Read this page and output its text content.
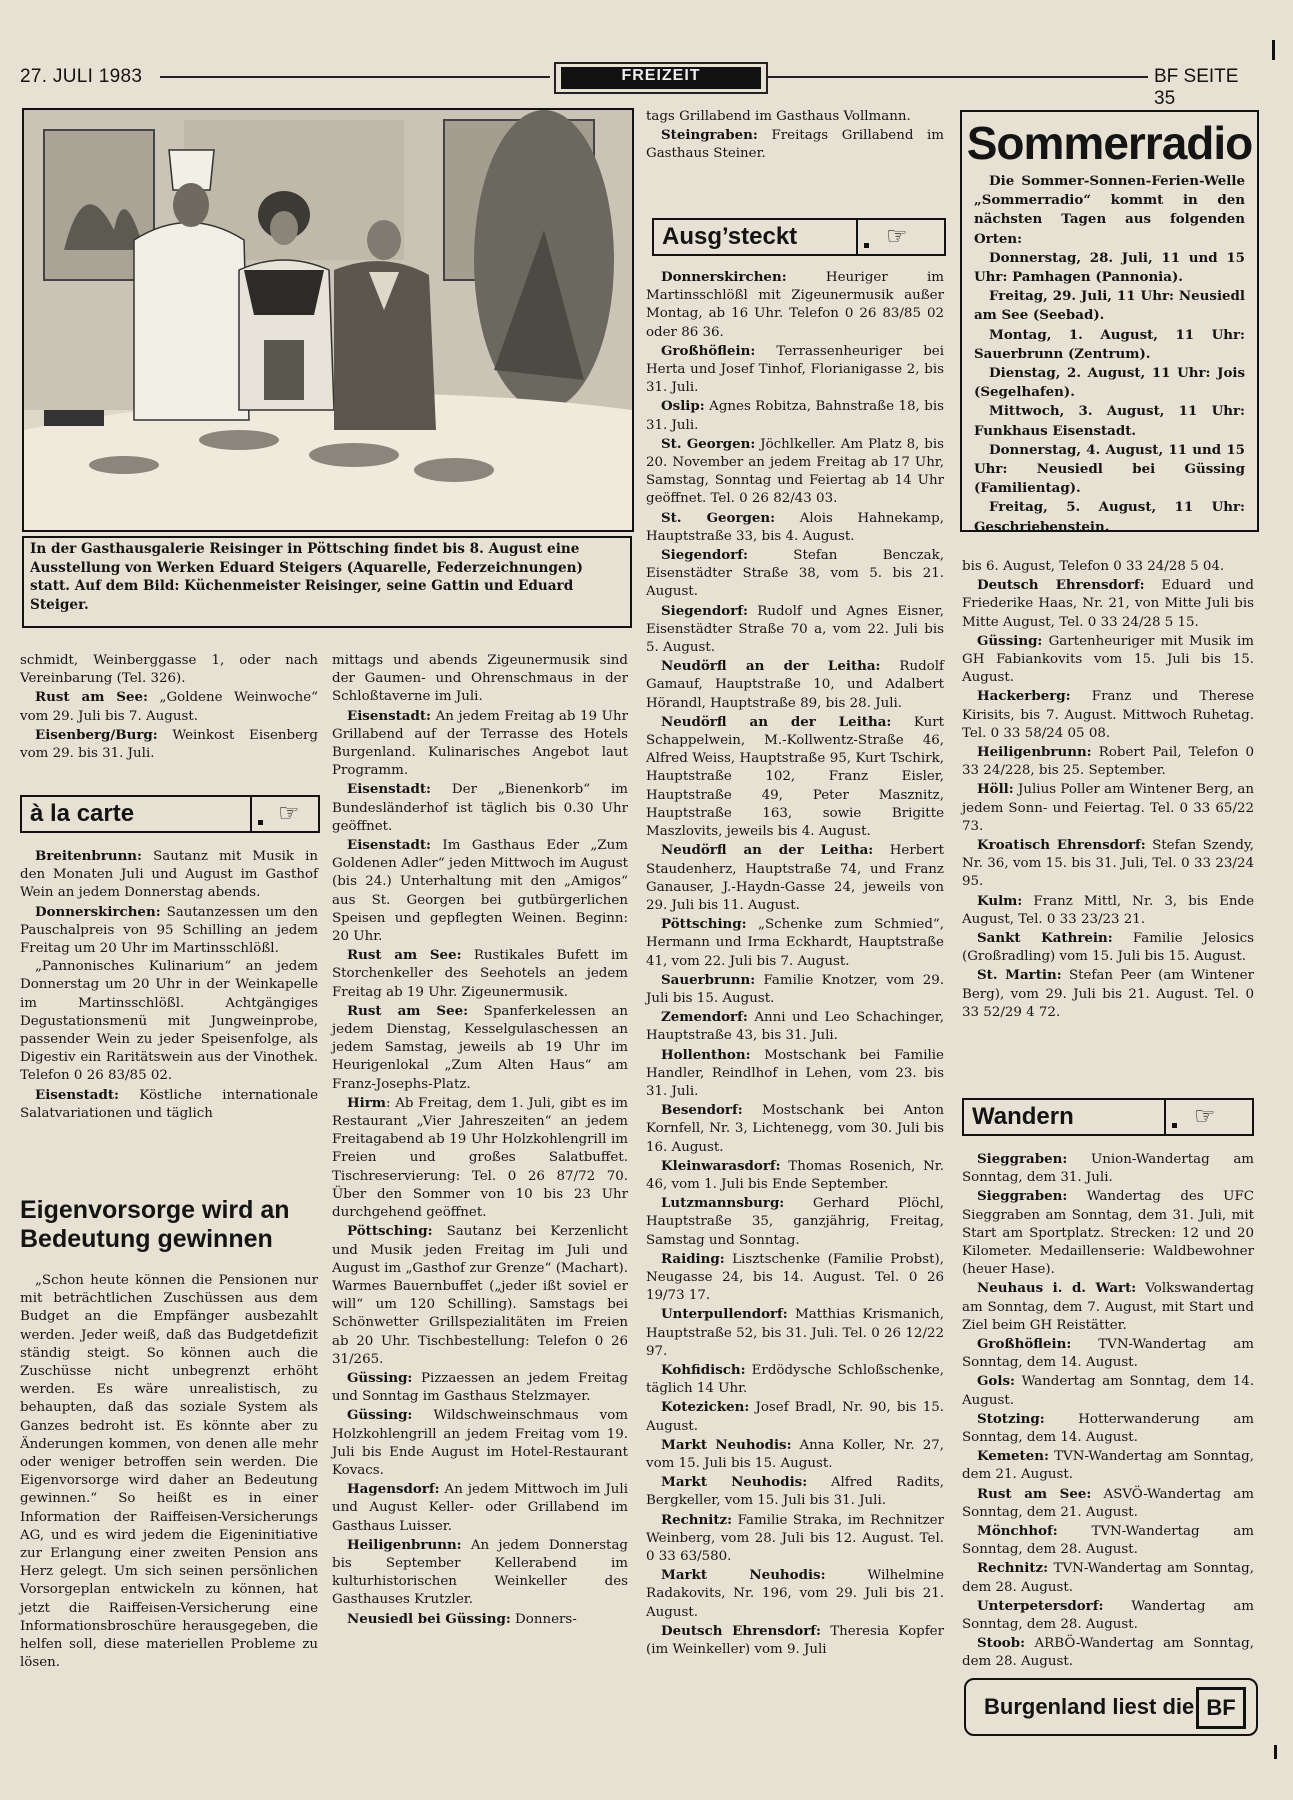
27. JULI 1983	FREIZEIT	BF SEITE 35
In der Gasthausgalerie Reisinger in Pöttsching findet bis 8. August eine Ausstellung von Werken Eduard Steigers (Aquarelle, Federzeichnungen) statt. Auf dem Bild: Küchenmeister Reisinger, seine Gattin und Eduard Steiger.

schmidt, Weinberggasse 1, oder nach Vereinbarung (Tel. 326).

Rust am See: „Goldene Weinwoche“ vom 29. Juli bis 7. August.

Eisenberg/Burg: Weinkost Eisenberg vom 29. bis 31. Juli.

à la carte	☞

Breitenbrunn: Sautanz mit Musik in den Monaten Juli und August im Gasthof Wein an jedem Donnerstag abends.

Donnerskirchen: Sautanzessen um den Pauschalpreis von 95 Schilling an jedem Freitag um 20 Uhr im Martinsschlößl.

„Pannonisches Kulinarium“ an jedem Donnerstag um 20 Uhr in der Weinkapelle im Martinsschlößl. Achtgängiges Degustationsmenü mit Jungweinprobe, passender Wein zu jeder Speisenfolge, als Digestiv ein Raritätswein aus der Vinothek. Telefon 0 26 83/85 02.

Eisenstadt: Köstliche internationale Salatvariationen und täglich

Eigenvorsorge wird an Bedeutung gewinnen

„Schon heute können die Pensionen nur mit beträchtlichen Zuschüssen aus dem Budget an die Empfänger ausbezahlt werden. Jeder weiß, daß das Budgetdefizit ständig steigt. So können auch die Zuschüsse nicht unbegrenzt erhöht werden. Es wäre unrealistisch, zu behaupten, daß das soziale System als Ganzes bedroht ist. Es könnte aber zu Änderungen kommen, von denen alle mehr oder weniger betroffen sein werden. Die Eigenvorsorge wird daher an Bedeutung gewinnen.“ So heißt es in einer Information der Raiffeisen-Versicherungs AG, und es wird jedem die Eigeninitiative zur Erlangung einer zweiten Pension ans Herz gelegt. Um sich seinen persönlichen Vorsorgeplan entwickeln zu können, hat jetzt die Raiffeisen-Versicherung eine Informationsbroschüre herausgegeben, die helfen soll, diese materiellen Probleme zu lösen.

mittags und abends Zigeunermusik sind der Gaumen- und Ohrenschmaus in der Schloßtaverne im Juli.

Eisenstadt: An jedem Freitag ab 19 Uhr Grillabend auf der Terrasse des Hotels Burgenland. Kulinarisches Angebot laut Programm.

Eisenstadt: Der „Bienenkorb“ im Bundesländerhof ist täglich bis 0.30 Uhr geöffnet.

Eisenstadt: Im Gasthaus Eder „Zum Goldenen Adler“ jeden Mittwoch im August (bis 24.) Unterhaltung mit den „Amigos“ aus St. Georgen bei gutbürgerlichen Speisen und gepflegten Weinen. Beginn: 20 Uhr.

Rust am See: Rustikales Bufett im Storchenkeller des Seehotels an jedem Freitag ab 19 Uhr. Zigeunermusik.

Rust am See: Spanferkelessen an jedem Dienstag, Kesselgulaschessen an jedem Samstag, jeweils ab 19 Uhr im Heurigenlokal „Zum Alten Haus“ am Franz-Josephs-Platz.

Hirm: Ab Freitag, dem 1. Juli, gibt es im Restaurant „Vier Jahreszeiten“ an jedem Freitagabend ab 19 Uhr Holzkohlengrill im Freien und großes Salatbuffet. Tischreservierung: Tel. 0 26 87/72 70. Über den Sommer von 10 bis 23 Uhr durchgehend geöffnet.

Pöttsching: Sautanz bei Kerzenlicht und Musik jeden Freitag im Juli und August im „Gasthof zur Grenze“ (Machart). Warmes Bauernbuffet („jeder ißt soviel er will“ um 120 Schilling). Samstags bei Schönwetter Grillspezialitäten im Freien ab 20 Uhr. Tischbestellung: Telefon 0 26 31/265.

Güssing: Pizzaessen an jedem Freitag und Sonntag im Gasthaus Stelzmayer.

Güssing: Wildschweinschmaus vom Holzkohlengrill an jedem Freitag vom 19. Juli bis Ende August im Hotel-Restaurant Kovacs.

Hagensdorf: An jedem Mittwoch im Juli und August Keller- oder Grillabend im Gasthaus Luisser.

Heiligenbrunn: An jedem Donnerstag bis September Kellerabend im kulturhistorischen Weinkeller des Gasthauses Krutzler.

Neusiedl bei Güssing: Donners-

tags Grillabend im Gasthaus Vollmann.

Steingraben: Freitags Grillabend im Gasthaus Steiner.

Ausg’steckt	☞

Donnerskirchen: Heuriger im Martinsschlößl mit Zigeunermusik außer Montag, ab 16 Uhr. Telefon 0 26 83/85 02 oder 86 36.

Großhöflein: Terrassenheuriger bei Herta und Josef Tinhof, Florianigasse 2, bis 31. Juli.

Oslip: Agnes Robitza, Bahnstraße 18, bis 31. Juli.

St. Georgen: Jöchlkeller. Am Platz 8, bis 20. November an jedem Freitag ab 17 Uhr, Samstag, Sonntag und Feiertag ab 14 Uhr geöffnet. Tel. 0 26 82/43 03.

St. Georgen: Alois Hahnekamp, Hauptstraße 33, bis 4. August.

Siegendorf: Stefan Benczak, Eisenstädter Straße 38, vom 5. bis 21. August.

Siegendorf: Rudolf und Agnes Eisner, Eisenstädter Straße 70 a, vom 22. Juli bis 5. August.

Neudörfl an der Leitha: Rudolf Gamauf, Hauptstraße 10, und Adalbert Hörandl, Hauptstraße 89, bis 28. Juli.

Neudörfl an der Leitha: Kurt Schappelwein, M.-Kollwentz-Straße 46, Alfred Weiss, Hauptstraße 95, Kurt Tschirk, Hauptstraße 102, Franz Eisler, Hauptstraße 49, Peter Masznitz, Hauptstraße 163, sowie Brigitte Maszlovits, jeweils bis 4. August.

Neudörfl an der Leitha: Herbert Staudenherz, Hauptstraße 74, und Franz Ganauser, J.-Haydn-Gasse 24, jeweils von 29. Juli bis 11. August.

Pöttsching: „Schenke zum Schmied“, Hermann und Irma Eckhardt, Hauptstraße 41, vom 22. Juli bis 7. August.

Sauerbrunn: Familie Knotzer, vom 29. Juli bis 15. August.

Zemendorf: Anni und Leo Schachinger, Hauptstraße 43, bis 31. Juli.

Hollenthon: Mostschank bei Familie Handler, Reindlhof in Lehen, vom 23. bis 31. Juli.

Besendorf: Mostschank bei Anton Kornfell, Nr. 3, Lichtenegg, vom 30. Juli bis 16. August.

Kleinwarasdorf: Thomas Rosenich, Nr. 46, vom 1. Juli bis Ende September.

Lutzmannsburg: Gerhard Plöchl, Hauptstraße 35, ganzjährig, Freitag, Samstag und Sonntag.

Raiding: Lisztschenke (Familie Probst), Neugasse 24, bis 14. August. Tel. 0 26 19/73 17.

Unterpullendorf: Matthias Krismanich, Hauptstraße 52, bis 31. Juli. Tel. 0 26 12/22 97.

Kohfidisch: Erdödysche Schloßschenke, täglich 14 Uhr.

Kotezicken: Josef Bradl, Nr. 90, bis 15. August.

Markt Neuhodis: Anna Koller, Nr. 27, vom 15. Juli bis 15. August.

Markt Neuhodis: Alfred Radits, Bergkeller, vom 15. Juli bis 31. Juli.

Rechnitz: Familie Straka, im Rechnitzer Weinberg, vom 28. Juli bis 12. August. Tel. 0 33 63/580.

Markt Neuhodis: Wilhelmine Radakovits, Nr. 196, vom 29. Juli bis 21. August.

Deutsch Ehrensdorf: Theresia Kopfer (im Weinkeller) vom 9. Juli

Sommerradio

Die Sommer-Sonnen-Ferien-Welle „Sommerradio“ kommt in den nächsten Tagen aus folgenden Orten:

Donnerstag, 28. Juli, 11 und 15 Uhr: Pamhagen (Pannonia).

Freitag, 29. Juli, 11 Uhr: Neusiedl am See (Seebad).

Montag, 1. August, 11 Uhr: Sauerbrunn (Zentrum).

Dienstag, 2. August, 11 Uhr: Jois (Segelhafen).

Mittwoch, 3. August, 11 Uhr: Funkhaus Eisenstadt.

Donnerstag, 4. August, 11 und 15 Uhr: Neusiedl bei Güssing (Familientag).

Freitag, 5. August, 11 Uhr: Geschriebenstein.

bis 6. August, Telefon 0 33 24/28 5 04.

Deutsch Ehrensdorf: Eduard und Friederike Haas, Nr. 21, von Mitte Juli bis Mitte August, Tel. 0 33 24/28 5 15.

Güssing: Gartenheuriger mit Musik im GH Fabiankovits vom 15. Juli bis 15. August.

Hackerberg: Franz und Therese Kirisits, bis 7. August. Mittwoch Ruhetag. Tel. 0 33 58/24 05 08.

Heiligenbrunn: Robert Pail, Telefon 0 33 24/228, bis 25. September.

Höll: Julius Poller am Wintener Berg, an jedem Sonn- und Feiertag. Tel. 0 33 65/22 73.

Kroatisch Ehrensdorf: Stefan Szendy, Nr. 36, vom 15. bis 31. Juli, Tel. 0 33 23/24 95.

Kulm: Franz Mittl, Nr. 3, bis Ende August, Tel. 0 33 23/23 21.

Sankt Kathrein: Familie Jelosics (Großradling) vom 15. Juli bis 15. August.

St. Martin: Stefan Peer (am Wintener Berg), vom 29. Juli bis 21. August. Tel. 0 33 52/29 4 72.

Wandern	☞

Sieggraben: Union-Wandertag am Sonntag, dem 31. Juli.

Sieggraben: Wandertag des UFC Sieggraben am Sonntag, dem 31. Juli, mit Start am Sportplatz. Strecken: 12 und 20 Kilometer. Medaillenserie: Waldbewohner (heuer Hase).

Neuhaus i. d. Wart: Volkswandertag am Sonntag, dem 7. August, mit Start und Ziel beim GH Reistätter.

Großhöflein: TVN-Wandertag am Sonntag, dem 14. August.

Gols: Wandertag am Sonntag, dem 14. August.

Stotzing: Hotterwanderung am Sonntag, dem 14. August.

Kemeten: TVN-Wandertag am Sonntag, dem 21. August.

Rust am See: ASVÖ-Wandertag am Sonntag, dem 21. August.

Mönchhof: TVN-Wandertag am Sonntag, dem 28. August.

Rechnitz: TVN-Wandertag am Sonntag, dem 28. August.

Unterpetersdorf: Wandertag am Sonntag, dem 28. August.

Stoob: ARBÖ-Wandertag am Sonntag, dem 28. August.

Burgenland liest die BF
